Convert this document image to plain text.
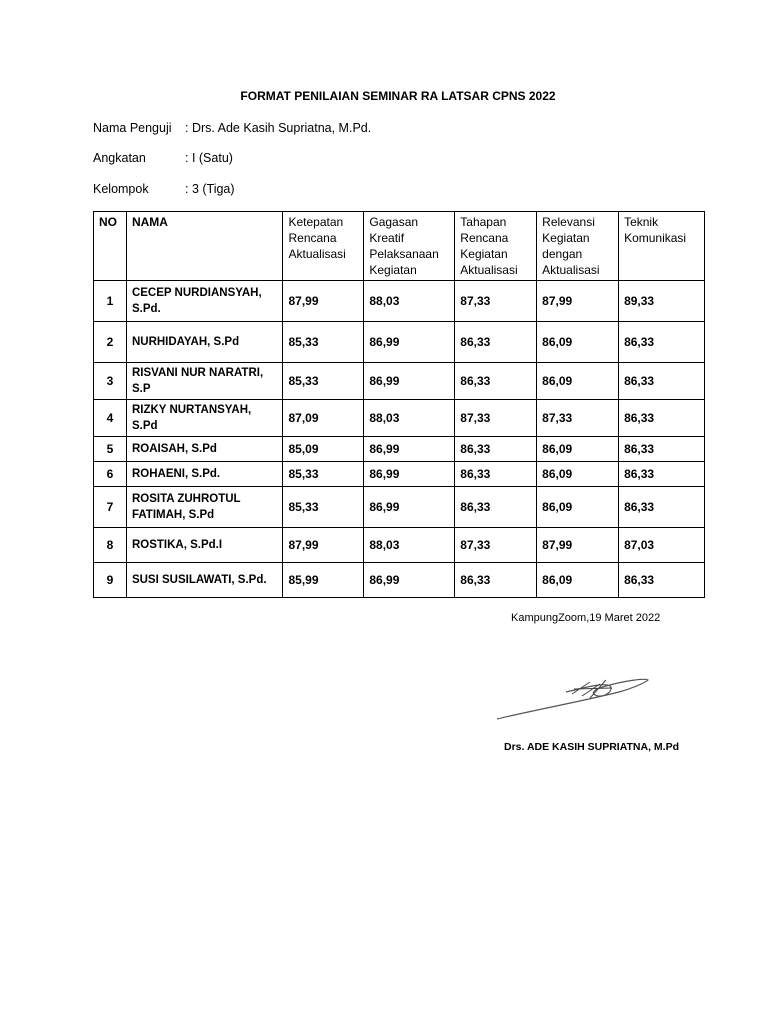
FORMAT PENILAIAN SEMINAR RA LATSAR CPNS 2022
Nama Penguji : Drs. Ade Kasih Supriatna, M.Pd.
Angkatan	: I (Satu)
Kelompok	: 3 (Tiga)
NO	NAMA	Ketepatan Rencana Aktualisasi	Gagasan Kreatif Pelaksanaan Kegiatan	Tahapan Rencana Kegiatan Aktualisasi	Relevansi Kegiatan dengan Aktualisasi	Teknik Komunikasi
1	CECEP NURDIANSYAH, S.Pd.	87,99	88,03	87,33	87,99	89,33
2	NURHIDAYAH, S.Pd	85,33	86,99	86,33	86,09	86,33
3	RISVANI NUR NARATRI, S.P	85,33	86,99	86,33	86,09	86,33
4	RIZKY NURTANSYAH, S.Pd	87,09	88,03	87,33	87,33	86,33
5	ROAISAH, S.Pd	85,09	86,99	86,33	86,09	86,33
6	ROHAENI, S.Pd.	85,33	86,99	86,33	86,09	86,33
7	ROSITA ZUHROTUL FATIMAH, S.Pd	85,33	86,99	86,33	86,09	86,33
8	ROSTIKA, S.Pd.I	87,99	88,03	87,33	87,99	87,03
9	SUSI SUSILAWATI, S.Pd.	85,99	86,99	86,33	86,09	86,33
KampungZoom,19 Maret 2022
Drs. ADE KASIH SUPRIATNA, M.Pd
